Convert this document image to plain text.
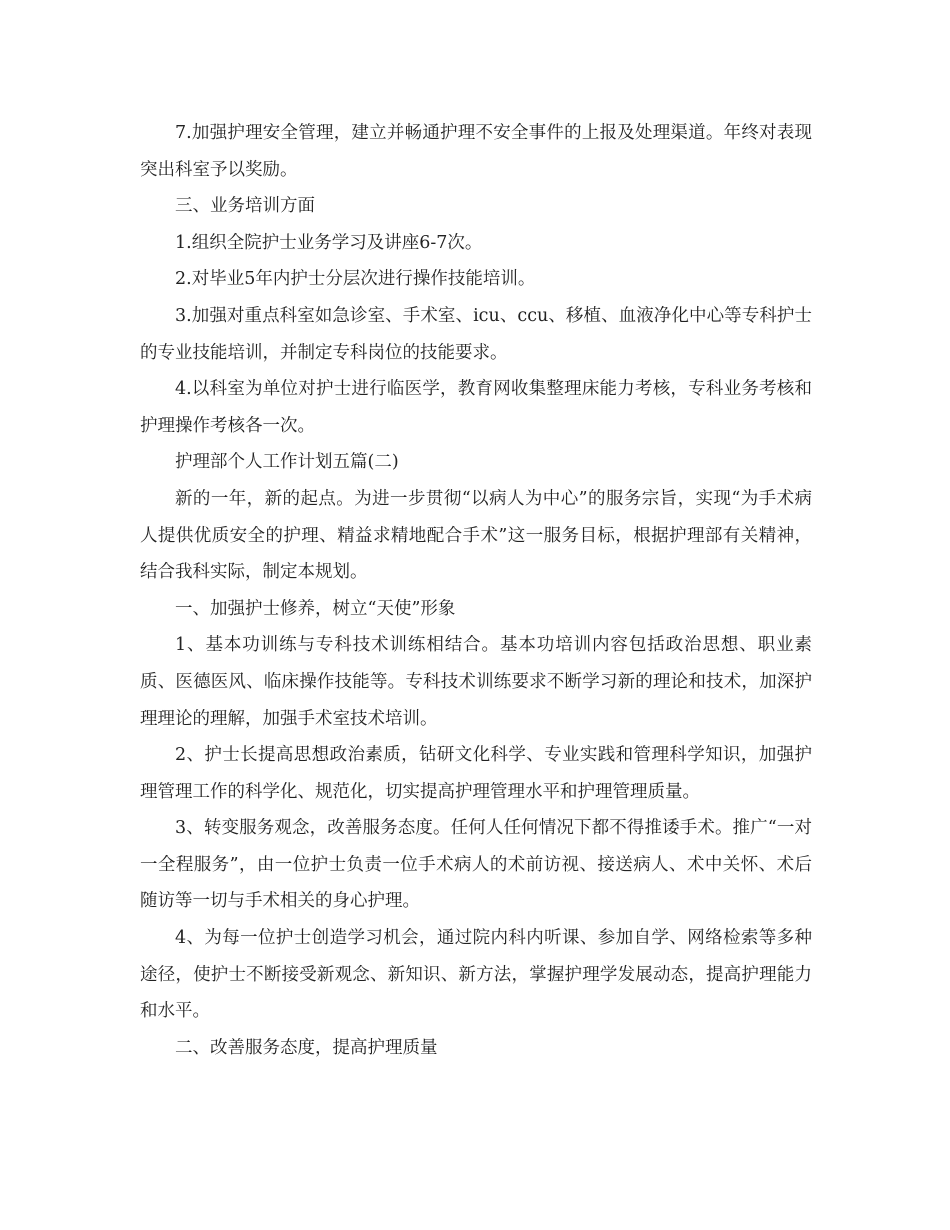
7.加强护理安全管理，建立并畅通护理不安全事件的上报及处理渠道。年终对表现突出科室予以奖励。

三、业务培训方面

1.组织全院护士业务学习及讲座6-7次。

2.对毕业5年内护士分层次进行操作技能培训。

3.加强对重点科室如急诊室、手术室、icu、ccu、移植、血液净化中心等专科护士的专业技能培训，并制定专科岗位的技能要求。

4.以科室为单位对护士进行临医学，教育网收集整理床能力考核，专科业务考核和护理操作考核各一次。

护理部个人工作计划五篇(二)

新的一年，新的起点。为进一步贯彻“以病人为中心”的服务宗旨，实现“为手术病人提供优质安全的护理、精益求精地配合手术”这一服务目标，根据护理部有关精神，结合我科实际，制定本规划。

一、加强护士修养，树立“天使”形象

1、基本功训练与专科技术训练相结合。基本功培训内容包括政治思想、职业素质、医德医风、临床操作技能等。专科技术训练要求不断学习新的理论和技术，加深护理理论的理解，加强手术室技术培训。

2、护士长提高思想政治素质，钻研文化科学、专业实践和管理科学知识，加强护理管理工作的科学化、规范化，切实提高护理管理水平和护理管理质量。

3、转变服务观念，改善服务态度。任何人任何情况下都不得推诿手术。推广“一对一全程服务”，由一位护士负责一位手术病人的术前访视、接送病人、术中关怀、术后随访等一切与手术相关的身心护理。

4、为每一位护士创造学习机会，通过院内科内听课、参加自学、网络检索等多种途径，使护士不断接受新观念、新知识、新方法，掌握护理学发展动态，提高护理能力和水平。

二、改善服务态度，提高护理质量
